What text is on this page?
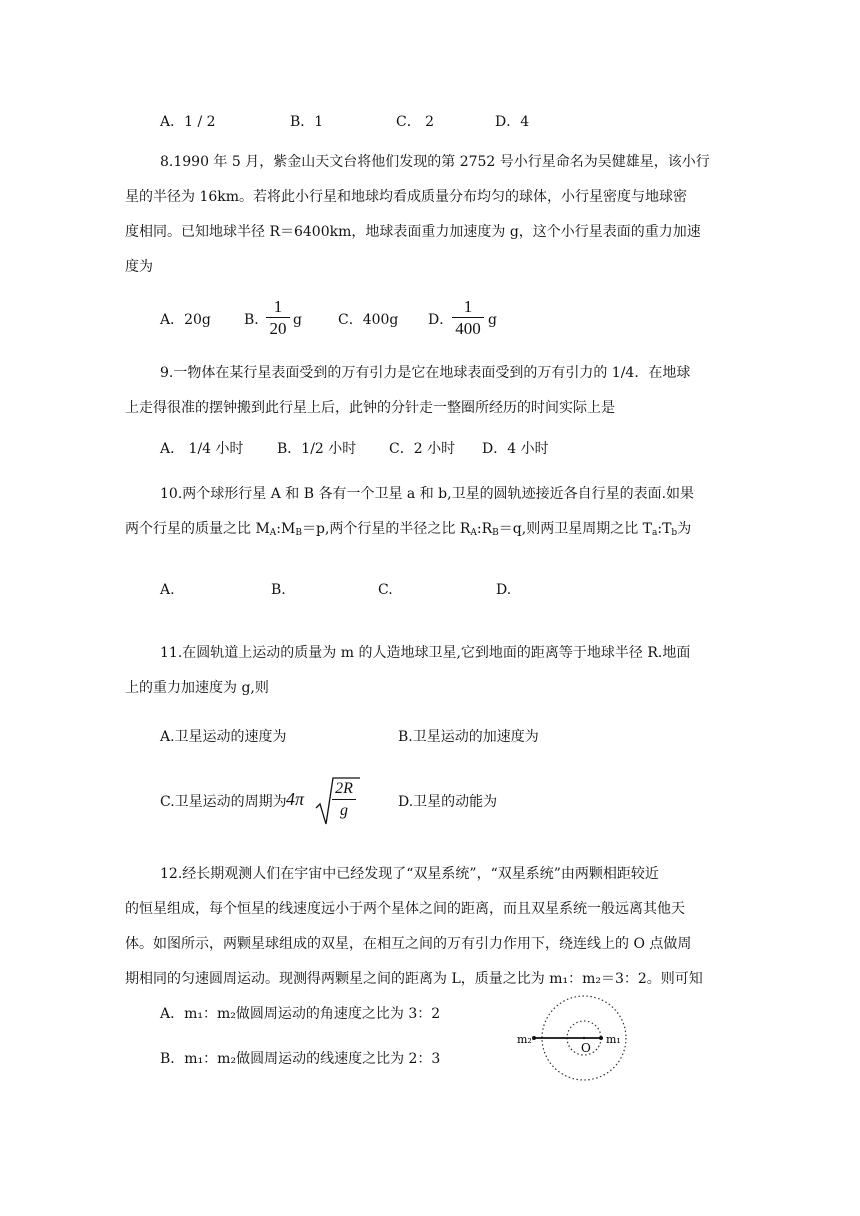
A．1 / 2	B．1	C． 2	D．4
8.1990 年 5 月，紫金山天文台将他们发现的第 2752 号小行星命名为吴健雄星，该小行
星的半径为 16km。若将此小行星和地球均看成质量分布均匀的球体，小行星密度与地球密
度相同。已知地球半径 R＝6400km，地球表面重力加速度为 g，这个小行星表面的重力加速
度为
A．20g B．
1
20 g	C．400g D．
1
400 g
9.一物体在某行星表面受到的万有引力是它在地球表面受到的万有引力的 1/4．在地球
上走得很准的摆钟搬到此行星上后，此钟的分针走一整圈所经历的时间实际上是
A． 1/4 小时 B．1/2 小时 C．2 小时 D．4 小时
10.两个球形行星 A 和 B 各有一个卫星 a 和 b,卫星的圆轨迹接近各自行星的表面.如果
两个行星的质量之比 $M_A:M_B=p$,两个行星的半径之比 $R_A:R_B=q$,则两卫星周期之比 $T_a:T_b$为
A.	B.	C.	D.
11.在圆轨道上运动的质量为 m 的人造地球卫星,它到地面的距离等于地球半径 R.地面
上的重力加速度为 g,则
A.卫星运动的速度为	B.卫星运动的加速度为
C.卫星运动的周期为 4π
2R
g	D.卫星的动能为
12.经长期观测人们在宇宙中已经发现了“双星系统”，“双星系统”由两颗相距较近
的恒星组成，每个恒星的线速度远小于两个星体之间的距离，而且双星系统一般远离其他天
体。如图所示，两颗星球组成的双星，在相互之间的万有引力作用下，绕连线上的 O 点做周
期相同的匀速圆周运动。现测得两颗星之间的距离为 L，质量之比为 m₁：m₂＝3：2。则可知
A．m₁：m₂做圆周运动的角速度之比为 3：2
B．m₁：m₂做圆周运动的线速度之比为 2：3
m₂
O
m₁
